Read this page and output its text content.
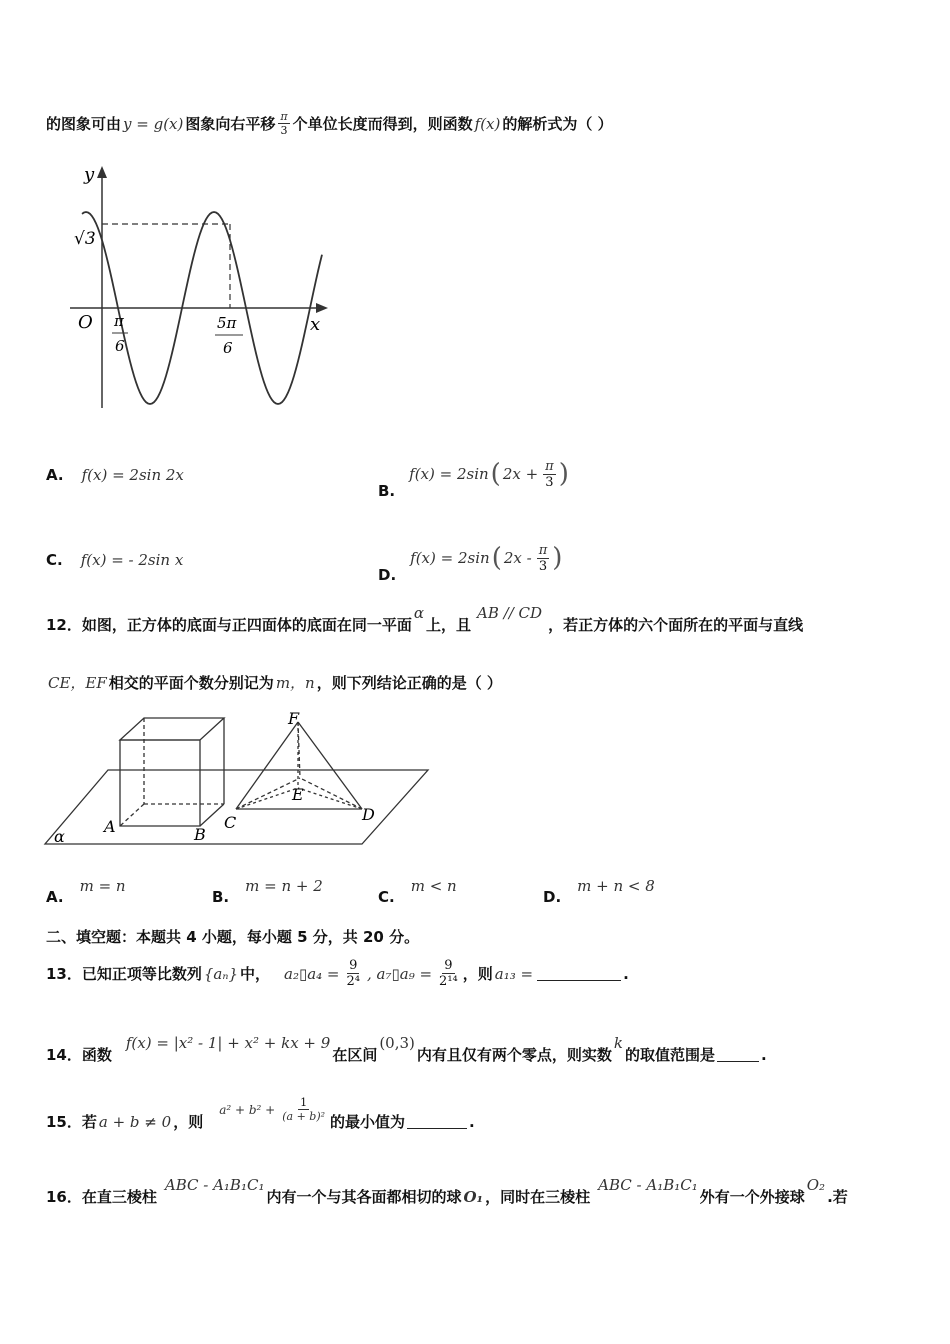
的图象可由 y = g(x) 图象向右平移 $\frac{\pi}{3}$ 个单位长度而得到，则函数 f(x) 的解析式为（ ）
y
x
O
√3
π
6
5π
6
A. f(x) = 2sin 2x
B.
f(x) = 2sin ( $2x + \frac{\pi}{3}$ )
C. f(x) = - 2sin x
D.
f(x) = 2sin ( $2x - \frac{\pi}{3}$ )
12．如图，正方体的底面与正四面体的底面在同一平面
α
上，且
AB // CD
，若正方体的六个面所在的平面与直线
CE，EF 相交的平面个数分别记为 m，n ，则下列结论正确的是（ ）
F
E
A	B
C	D
α
A.
m = n
B.
m = n + 2
C.
m < n
D.
m + n < 8
二、填空题：本题共 4 小题，每小题 5 分，共 20 分。
13．已知正项等比数列 {aₙ} 中， a₂▯a₄ = $\frac{9}{\text{2⁴}}$ , a₇▯a₉ = $\frac{9}{\text{2¹⁴}}$ ，则 a₁₃ =	.
14．函数
f(x) = |x² - 1| + x² + kx + 9
在区间
(0,3)
内有且仅有两个零点，则实数
k
的取值范围是	.
15．若 a + b ≠ 0 ，则
$a^2 + b^2 + \frac{1}{\text{(a + b)²}}$ 的最小值为	.
16．在直三棱柱
ABC - A₁B₁C₁
内有一个与其各面都相切的球 O₁ ，同时在三棱柱
ABC - A₁B₁C₁
外有一个外接球
O₂
.若
